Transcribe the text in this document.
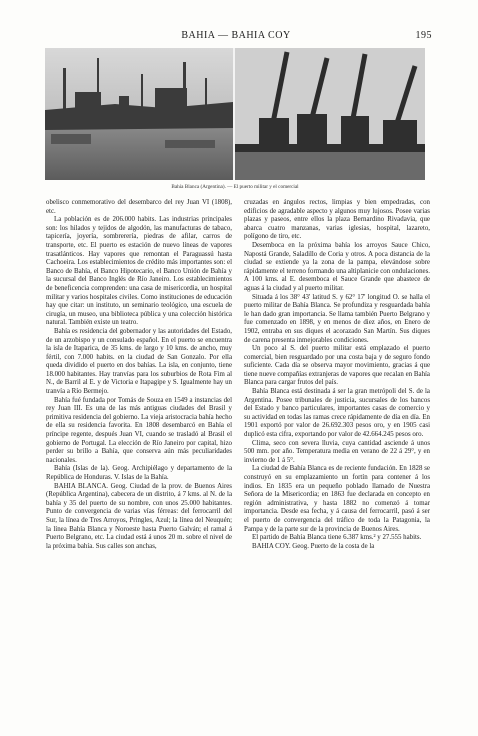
BAHIA — BAHIA COY	195
Bahía Blanca (Argentina). — El puerto militar y el comercial

obelisco conmemorativo del desembarco del rey Juan VI (1808), etc.

La población es de 206.000 habits. Las industrias principales son: los hilados y tejidos de algodón, las manufacturas de tabaco, tapicería, joyería, sombrerería, piedras de afilar, carros de transporte, etc. El puerto es estación de nuevo líneas de vapores trasatlánticos. Hay vapores que remontan el Paraguassú hasta Cachoeira. Los establecimientos de crédito más importantes son: el Banco de Bahía, el Banco Hipotecario, el Banco Unión de Bahía y la sucursal del Banco Inglés de Río Janeiro. Los establecimientos de beneficencia comprenden: una casa de misericordia, un hospital militar y varios hospitales civiles. Como instituciones de educación hay que citar: un instituto, un seminario teológico, una escuela de cirugía, un museo, una biblioteca pública y una colección histórica natural. También existe un teatro.

Bahía es residencia del gobernador y las autoridades del Estado, de un arzobispo y un consulado español. En el puerto se encuentra la isla de Itaparica, de 35 kms. de largo y 10 kms. de ancho, muy fértil, con 7.000 habits. en la ciudad de San Gonzalo. Por ella queda dividido el puerto en dos bahías. La isla, en conjunto, tiene 18.000 habitantes. Hay tranvías para los suburbios de Rota Fim al N., de Barril al E. y de Victoria e Itapagipe y S. Igualmente hay un tranvía a Río Bermejo.

Bahía fué fundada por Tomás de Souza en 1549 a instancias del rey Juan III. Es una de las más antiguas ciudades del Brasil y primitiva residencia del gobierno. La vieja aristocracia bahía hecho de ella su residencia favorita. En 1808 desembarcó en Bahía el príncipe regente, después Juan VI, cuando se trasladó al Brasil el gobierno de Portugal. La elección de Río Janeiro por capital, hizo perder su brillo a Bahía, que conserva aún más peculiaridades nacionales.

Bahía (Islas de la). Geog. Archipiélago y departamento de la República de Honduras. V. Islas de la Bahía.

BAHIA BLANCA. Geog. Ciudad de la prov. de Buenos Aires (República Argentina), cabecera de un distrito, á 7 kms. al N. de la bahía y 35 del puerto de su nombre, con unos 25.000 habitantes. Punto de convergencia de varias vías férreas: del ferrocarril del Sur, la línea de Tres Arroyos, Pringles, Azul; la línea del Neuquén; la línea Bahía Blanca y Noroeste hasta Puerto Galván; el ramal á Puerto Belgrano, etc. La ciudad está á unos 20 m. sobre el nivel de la próxima bahía. Sus calles son anchas,

cruzadas en ángulos rectos, limpias y bien empedradas, con edificios de agradable aspecto y algunos muy lujosos. Posee varias plazas y paseos, entre ellos la plaza Bernardino Rivadavia, que abarca cuatro manzanas, varias iglesias, hospital, lazareto, polígono de tiro, etc.

Desemboca en la próxima bahía los arroyos Sauce Chico, Napostá Grande, Saladillo de Coria y otros. A poca distancia de la ciudad se extiende ya la zona de la pampa, elevándose sobre rápidamente el terreno formando una altiplanicie con ondulaciones. A 100 kms. al E. desemboca el Sauce Grande que abastece de aguas á la ciudad y al puerto militar.

Situada á los 38° 43' latitud S. y 62° 17' longitud O. se halla el puerto militar de Bahía Blanca. Se profundiza y resguardada bahía le han dado gran importancia. Se llama también Puerto Belgrano y fue comenzado en 1898, y en menos de diez años, en Enero de 1902, entraba en sus diques el acorazado San Martín. Sus diques de carena presenta inmejorables condiciones.

Un poco al S. del puerto militar está emplazado el puerto comercial, bien resguardado por una costa baja y de seguro fondo suficiente. Cada día se observa mayor movimiento, gracias á que tiene nueve compañías extranjeras de vapores que recalan en Bahía Blanca para cargar frutos del país.

Bahía Blanca está destinada á ser la gran metrópoli del S. de la Argentina. Posee tribunales de justicia, sucursales de los bancos del Estado y banco particulares, importantes casas de comercio y su actividad en todas las ramas crece rápidamente de día en día. En 1901 exportó por valor de 26.692.303 pesos oro, y en 1905 casi duplicó esta cifra, exportando por valor de 42.664.245 pesos oro.

Clima, seco con severa lluvia, cuya cantidad asciende á unos 500 mm. por año. Temperatura media en verano de 22 á 29°, y en invierno de 1 á 5°.

La ciudad de Bahía Blanca es de reciente fundación. En 1828 se construyó en su emplazamiento un fortín para contener á los indios. En 1835 era un pequeño poblado llamado de Nuestra Señora de la Misericordia; en 1863 fue declarada en concepto en región administrativa, y hasta 1882 no comenzó á tomar importancia. Desde esa fecha, y á causa del ferrocarril, pasó á ser el puerto de convergencia del tráfico de toda la Patagonia, la Pampa y de la parte sur de la provincia de Buenos Aires.

El partido de Bahía Blanca tiene 6.387 kms.² y 27.555 habits.

BAHIA COY. Geog. Puerto de la costa de la
